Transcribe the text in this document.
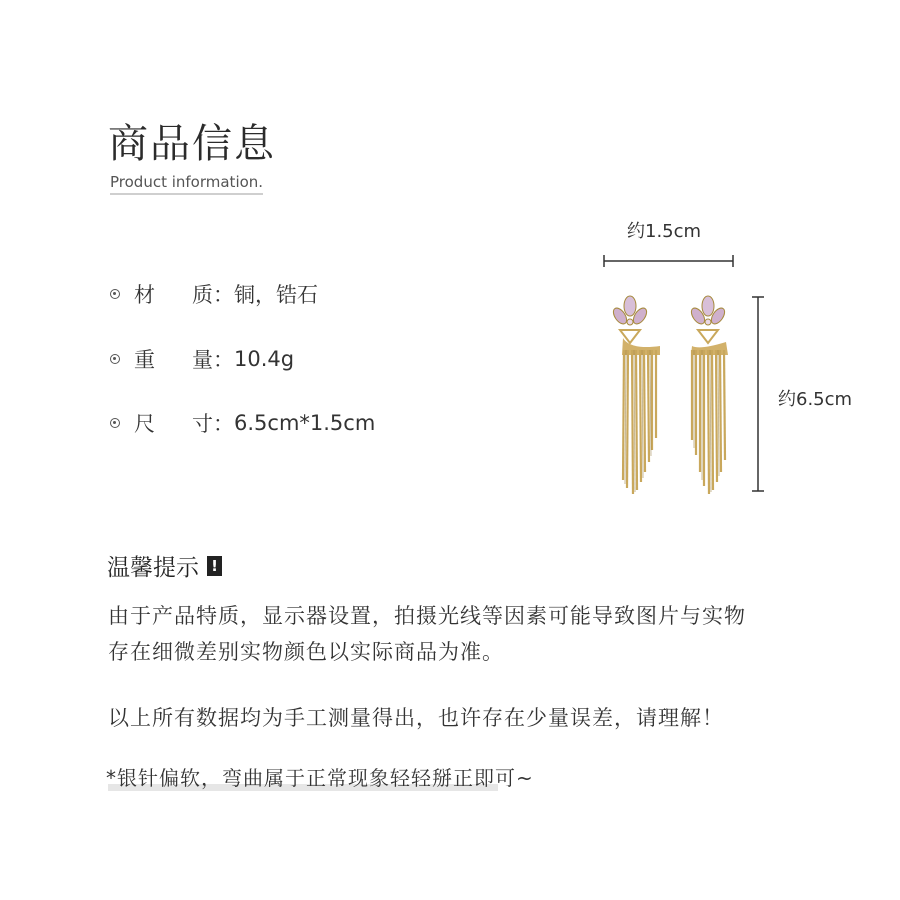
商品信息
Product information.
材	质： 铜，锆石
重	量： 10.4g
尺	寸： 6.5cm*1.5cm
约1.5cm
约6.5cm
温馨提示 !

由于产品特质，显示器设置，拍摄光线等因素可能导致图片与实物

存在细微差别实物颜色以实际商品为准。

以上所有数据均为手工测量得出，也许存在少量误差，请理解！

*银针偏软，弯曲属于正常现象轻轻掰正即可~
